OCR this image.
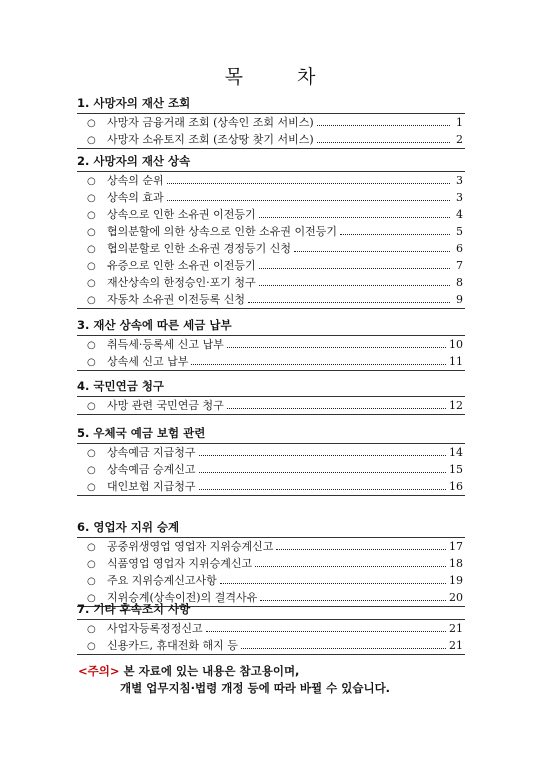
목 차
1. 사망자의 재산 조회
○	사망자 금융거래 조회 (상속인 조회 서비스)	1
○	사망자 소유토지 조회 (조상땅 찾기 서비스)	2
2. 사망자의 재산 상속
○	상속의 순위	3
○	상속의 효과	3
○	상속으로 인한 소유권 이전등기	4
○	협의분할에 의한 상속으로 인한 소유권 이전등기	5
○	협의분할로 인한 소유권 경정등기 신청	6
○	유증으로 인한 소유권 이전등기	7
○	재산상속의 한정승인·포기 청구	8
○	자동차 소유권 이전등록 신청	9
3. 재산 상속에 따른 세금 납부
○	취득세·등록세 신고 납부	10
○	상속세 신고 납부	11
4. 국민연금 청구
○	사망 관련 국민연금 청구	12
5. 우체국 예금 보험 관련
○	상속예금 지급청구	14
○	상속예금 승계신고	15
○	대인보험 지급청구	16
6. 영업자 지위 승계
○	공중위생영업 영업자 지위승계신고	17
○	식품영업 영업자 지위승계신고	18
○	주요 지위승계신고사항	19
○	지위승계(상속이전)의 결격사유	20
7. 기타 후속조치 사항
○	사업자등록정정신고	21
○	신용카드, 휴대전화 해지 등	21
<주의> 본 자료에 있는 내용은 참고용이며,
개별 업무지침·법령 개정 등에 따라 바뀔 수 있습니다.
